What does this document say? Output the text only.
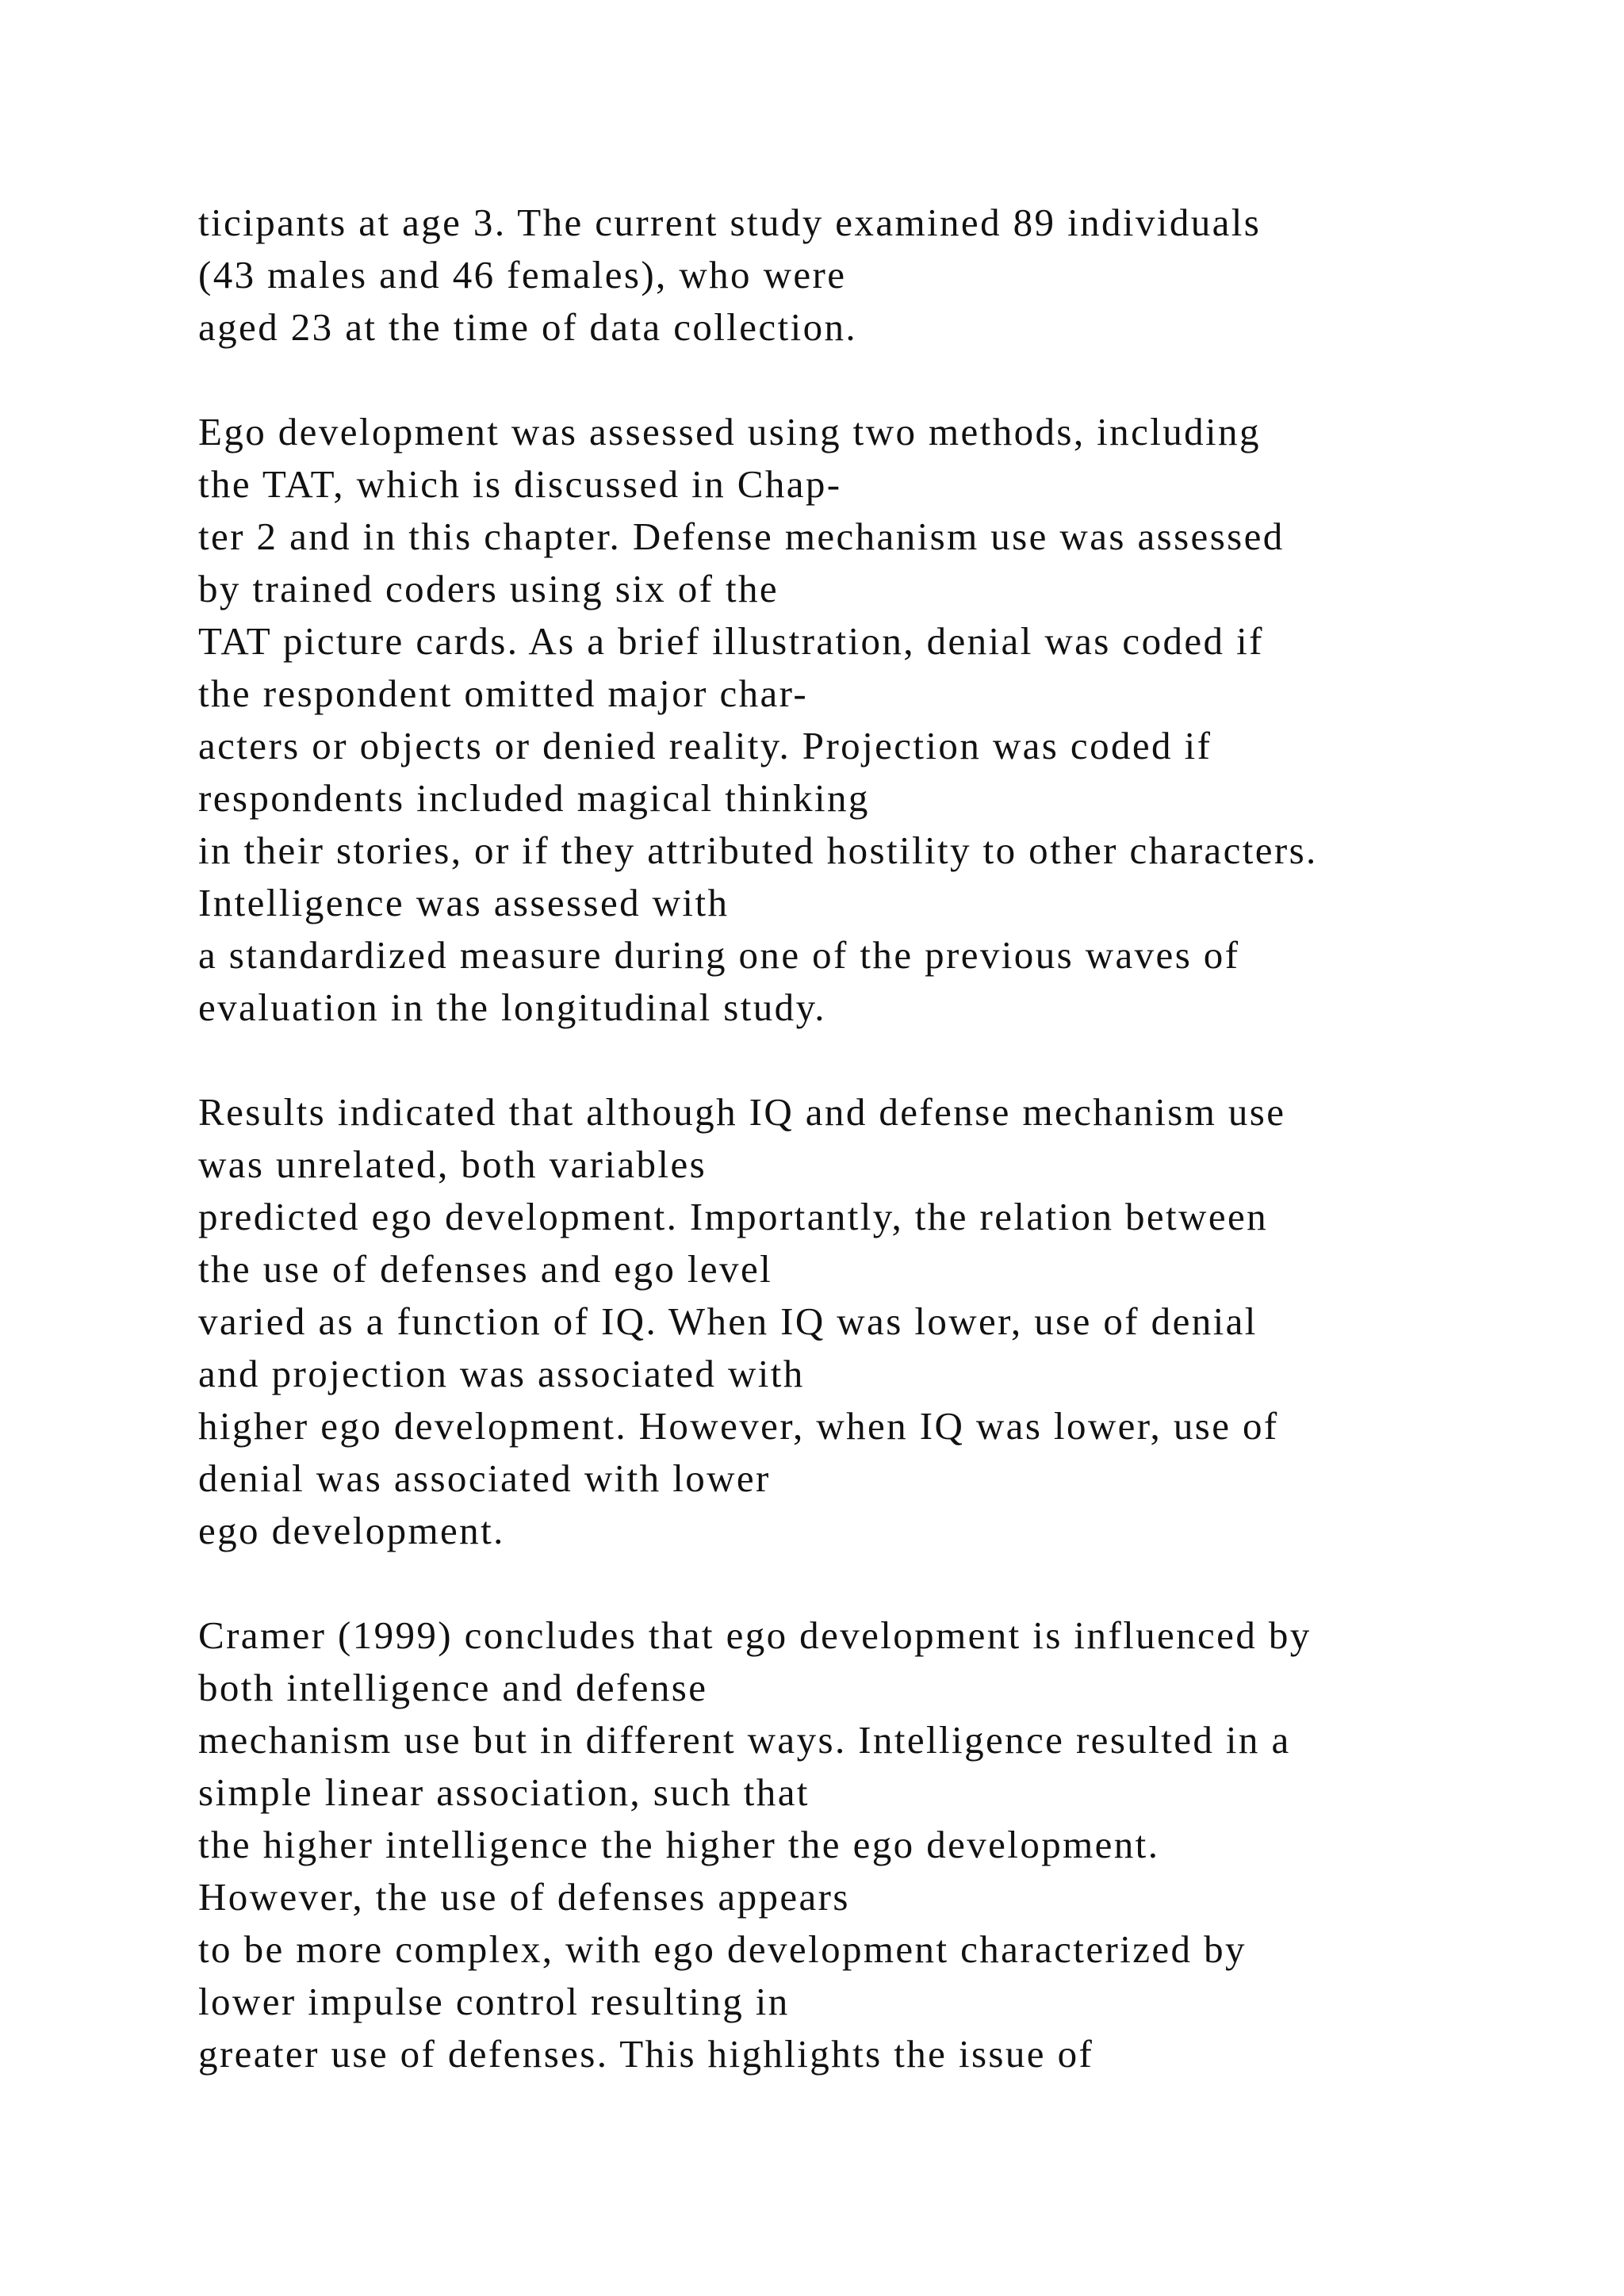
ticipants at age 3. The current study examined 89 individuals
(43 males and 46 females), who were
aged 23 at the time of data collection.
Ego development was assessed using two methods, including
the TAT, which is discussed in Chap-
ter 2 and in this chapter. Defense mechanism use was assessed
by trained coders using six of the
TAT picture cards. As a brief illustration, denial was coded if
the respondent omitted major char-
acters or objects or denied reality. Projection was coded if
respondents included magical thinking
in their stories, or if they attributed hostility to other characters.
Intelligence was assessed with
a standardized measure during one of the previous waves of
evaluation in the longitudinal study.
Results indicated that although IQ and defense mechanism use
was unrelated, both variables
predicted ego development. Importantly, the relation between
the use of defenses and ego level
varied as a function of IQ. When IQ was lower, use of denial
and projection was associated with
higher ego development. However, when IQ was lower, use of
denial was associated with lower
ego development.
Cramer (1999) concludes that ego development is influenced by
both intelligence and defense
mechanism use but in different ways. Intelligence resulted in a
simple linear association, such that
the higher intelligence the higher the ego development.
However, the use of defenses appears
to be more complex, with ego development characterized by
lower impulse control resulting in
greater use of defenses. This highlights the issue of
